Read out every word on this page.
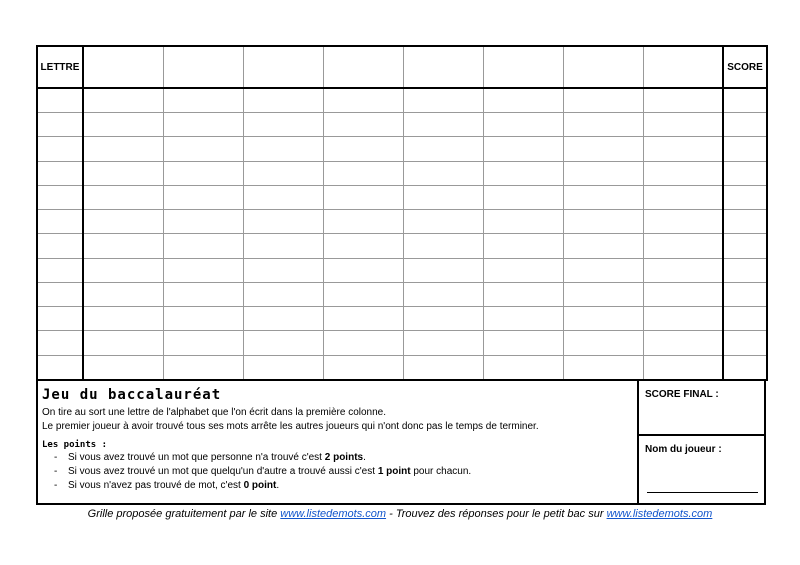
LETTRE									SCORE

Jeu du baccalauréat

On tire au sort une lettre de l'alphabet que l'on écrit dans la première colonne.

Le premier joueur à avoir trouvé tous ses mots arrête les autres joueurs qui n'ont donc pas le temps de terminer.

Les points :
- Si vous avez trouvé un mot que personne n'a trouvé c'est 2 points.
- Si vous avez trouvé un mot que quelqu'un d'autre a trouvé aussi c'est 1 point pour chacun.
- Si vous n'avez pas trouvé de mot, c'est 0 point.
SCORE FINAL :
Nom du joueur :
Grille proposée gratuitement par le site www.listedemots.com - Trouvez des réponses pour le petit bac sur www.listedemots.com
